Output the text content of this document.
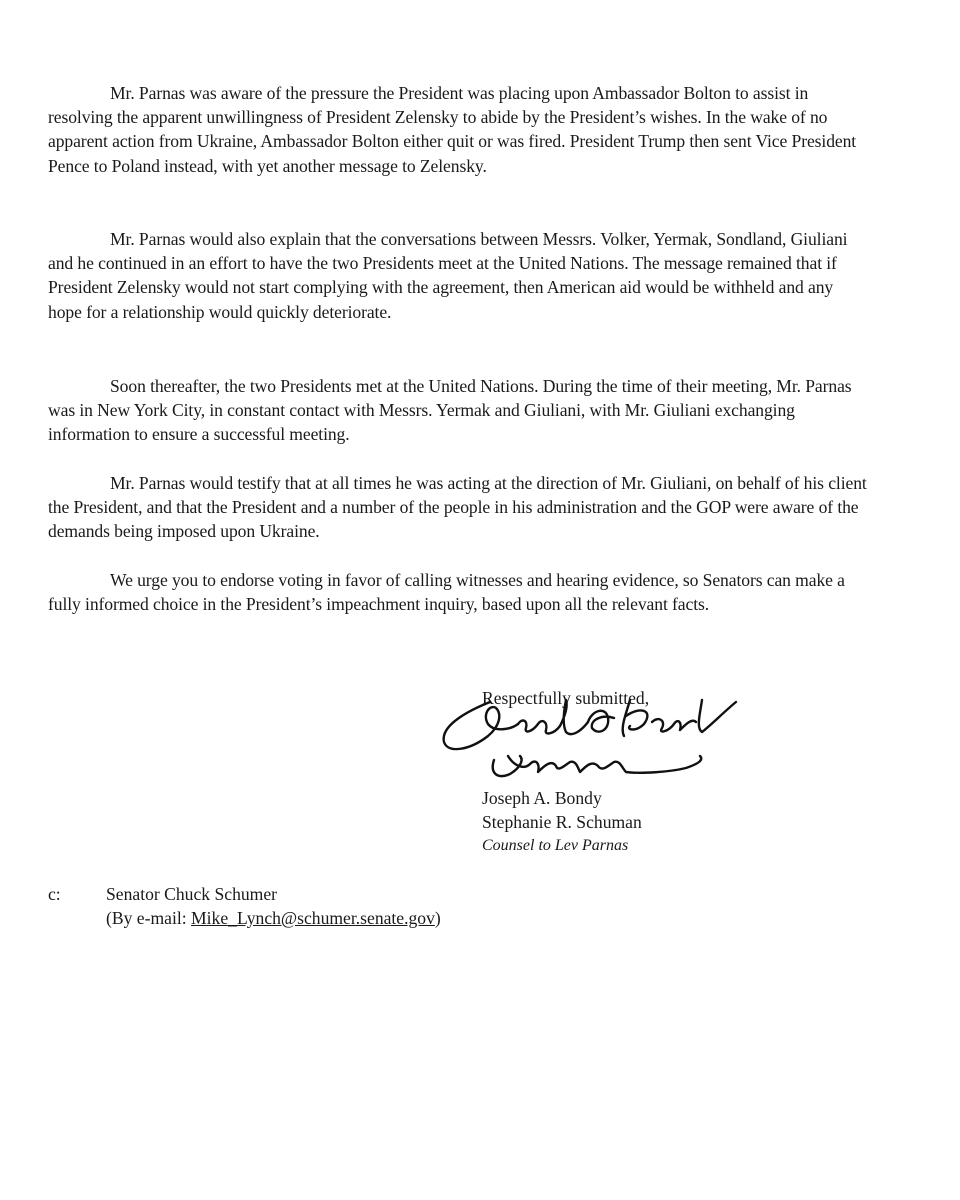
Mr. Parnas was aware of the pressure the President was placing upon Ambassador Bolton to assist in resolving the apparent unwillingness of President Zelensky to abide by the President’s wishes. In the wake of no apparent action from Ukraine, Ambassador Bolton either quit or was fired. President Trump then sent Vice President Pence to Poland instead, with yet another message to Zelensky.

Mr. Parnas would also explain that the conversations between Messrs. Volker, Yermak, Sondland, Giuliani and he continued in an effort to have the two Presidents meet at the United Nations. The message remained that if President Zelensky would not start complying with the agreement, then American aid would be withheld and any hope for a relationship would quickly deteriorate.

Soon thereafter, the two Presidents met at the United Nations. During the time of their meeting, Mr. Parnas was in New York City, in constant contact with Messrs. Yermak and Giuliani, with Mr. Giuliani exchanging information to ensure a successful meeting.

Mr. Parnas would testify that at all times he was acting at the direction of Mr. Giuliani, on behalf of his client the President, and that the President and a number of the people in his administration and the GOP were aware of the demands being imposed upon Ukraine.

We urge you to endorse voting in favor of calling witnesses and hearing evidence, so Senators can make a fully informed choice in the President’s impeachment inquiry, based upon all the relevant facts.

Respectfully submitted,

Joseph A. Bondy

Stephanie R. Schuman

Counsel to Lev Parnas

c:	Senator Chuck Schumer
(By e-mail: Mike_Lynch@schumer.senate.gov)
